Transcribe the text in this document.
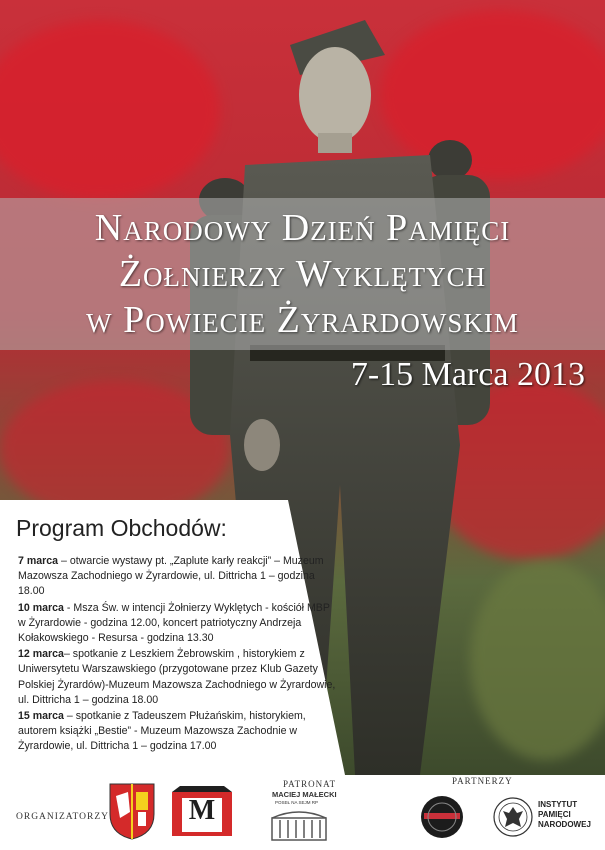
Narodowy Dzień Pamięci
Żołnierzy Wyklętych
w Powiecie Żyrardowskim
7-15 Marca 2013
Program Obchodów:
7 marca – otwarcie wystawy pt. „Zaplute karły reakcji” – Muzeum Mazowsza Zachodniego w Żyrardowie, ul. Dittricha 1 – godzina 18.00
10 marca - Msza Św. w intencji Żołnierzy Wyklętych - kościół MBP w Żyrardowie - godzina 12.00, koncert patriotyczny Andrzeja Kołakowskiego - Resursa - godzina 13.30
12 marca– spotkanie z Leszkiem Żebrowskim , historykiem z Uniwersytetu Warszawskiego (przygotowane przez Klub Gazety Polskiej Żyrardów)-Muzeum Mazowsza Zachodniego w Żyrardowie, ul. Dittricha 1 – godzina 18.00
15 marca – spotkanie z Tadeuszem Płużańskim, historykiem, autorem książki „Bestie” - Muzeum Mazowsza Zachodnie w Żyrardowie, ul. Dittricha 1 – godzina 17.00
ORGANIZATORZY	M
PATRONAT
MACIEJ MAŁECKI
POSEŁ NA SEJM RP
PARTNERZY
INSTYTUT
PAMIĘCI
NARODOWEJ
